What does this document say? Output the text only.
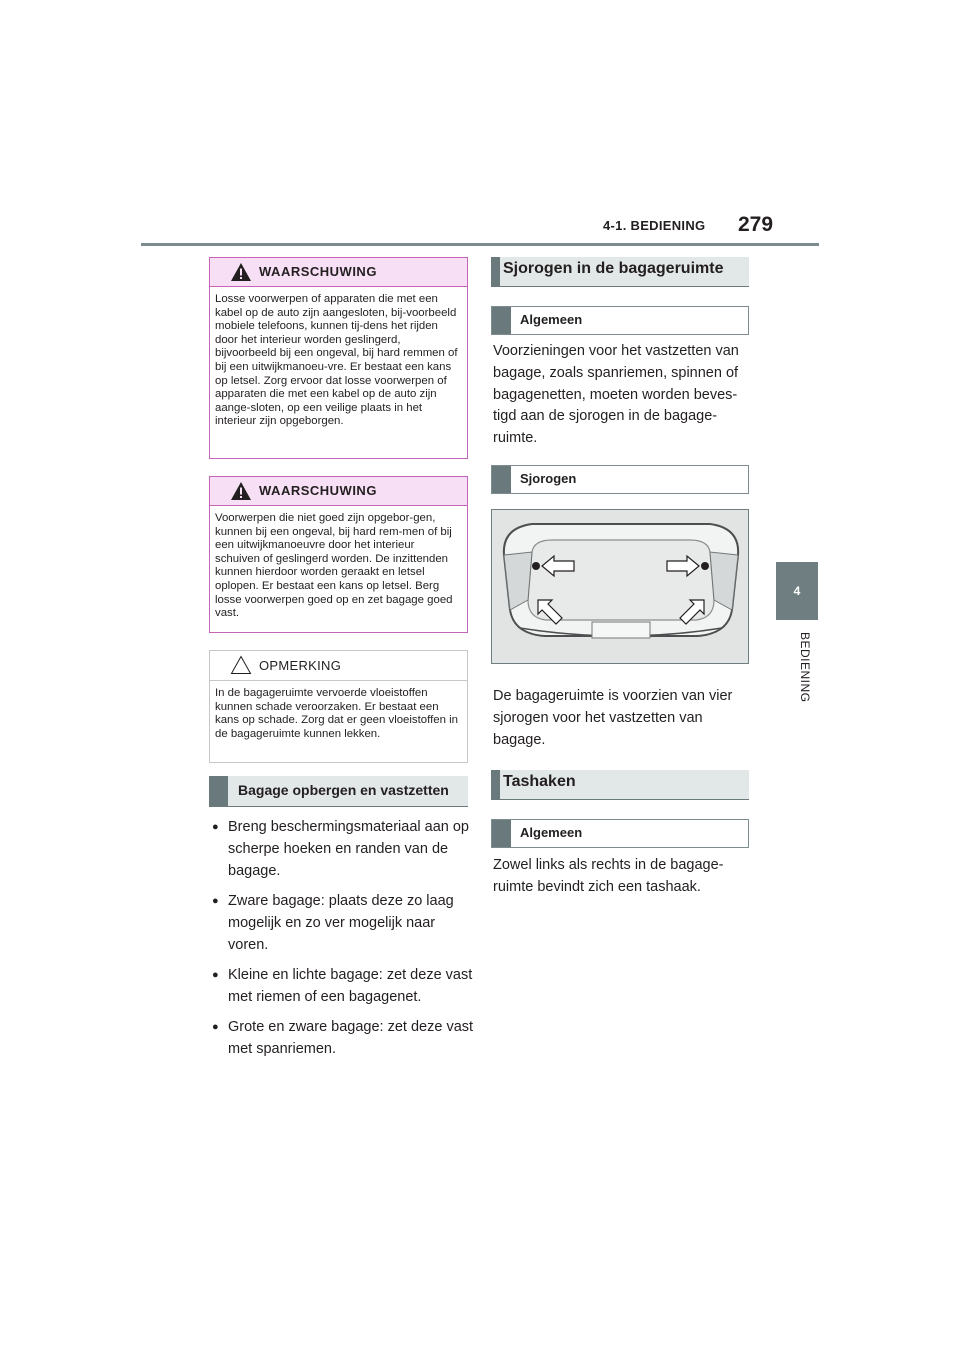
4-1. BEDIENING 279
4
BEDIENING
WAARSCHUWING
Losse voorwerpen of apparaten die met een kabel op de auto zijn aangesloten, bij-voorbeeld mobiele telefoons, kunnen tij-dens het rijden door het interieur worden geslingerd, bijvoorbeeld bij een ongeval, bij hard remmen of bij een uitwijkmanoeu-vre. Er bestaat een kans op letsel. Zorg ervoor dat losse voorwerpen of apparaten die met een kabel op de auto zijn aange-sloten, op een veilige plaats in het interieur zijn opgeborgen.
WAARSCHUWING
Voorwerpen die niet goed zijn opgebor-gen, kunnen bij een ongeval, bij hard rem-men of bij een uitwijkmanoeuvre door het interieur schuiven of geslingerd worden. De inzittenden kunnen hierdoor worden geraakt en letsel oplopen. Er bestaat een kans op letsel. Berg losse voorwerpen goed op en zet bagage goed vast.
OPMERKING
In de bagageruimte vervoerde vloeistoffen kunnen schade veroorzaken. Er bestaat een kans op schade. Zorg dat er geen vloeistoffen in de bagageruimte kunnen lekken.
Bagage opbergen en vastzetten
● Breng beschermingsmateriaal aan op scherpe hoeken en randen van de bagage.
● Zware bagage: plaats deze zo laag mogelijk en zo ver mogelijk naar voren.
● Kleine en lichte bagage: zet deze vast met riemen of een bagagenet.
● Grote en zware bagage: zet deze vast met spanriemen.
Sjorogen in de bagageruimte
Algemeen
Voorzieningen voor het vastzetten van bagage, zoals spanriemen, spinnen of bagagenetten, moeten worden beves-tigd aan de sjorogen in de bagage-ruimte.
Sjorogen
De bagageruimte is voorzien van vier sjorogen voor het vastzetten van bagage.
Tashaken
Algemeen
Zowel links als rechts in de bagage-ruimte bevindt zich een tashaak.
